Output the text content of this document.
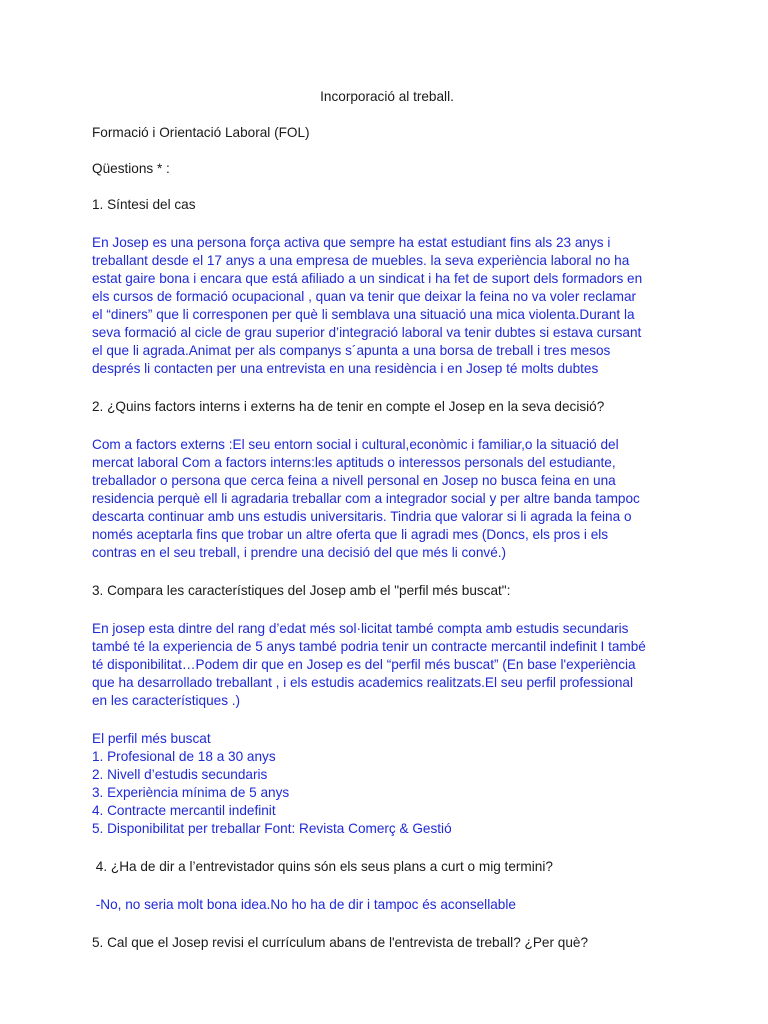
Incorporació al treball.
Formació i Orientació Laboral (FOL)
Qüestions * :
1. Síntesi del cas
En Josep es una persona força activa que sempre ha estat estudiant fins als 23 anys i
treballant desde el 17 anys a una empresa de muebles. la seva experiència laboral no ha
estat gaire bona i encara que está afiliado a un sindicat i ha fet de suport dels formadors en
els cursos de formació ocupacional , quan va tenir que deixar la feina no va voler reclamar
el “diners” que li corresponen per què li semblava una situació una mica violenta.Durant la
seva formació al cicle de grau superior d’integració laboral va tenir dubtes si estava cursant
el que li agrada.Animat per als companys s´apunta a una borsa de treball i tres mesos
després li contacten per una entrevista en una residència i en Josep té molts dubtes
2. ¿Quins factors interns i externs ha de tenir en compte el Josep en la seva decisió?
Com a factors externs :El seu entorn social i cultural,econòmic i familiar,o la situació del
mercat laboral Com a factors interns:les aptituds o interessos personals del estudiante,
treballador o persona que cerca feina a nivell personal en Josep no busca feina en una
residencia perquè ell li agradaria treballar com a integrador social y per altre banda tampoc
descarta continuar amb uns estudis universitaris. Tindria que valorar si li agrada la feina o
només aceptarla fins que trobar un altre oferta que li agradi mes (Doncs, els pros i els
contras en el seu treball, i prendre una decisió del que més li convé.)
3. Compara les característiques del Josep amb el "perfil més buscat":
En josep esta dintre del rang d’edat més sol·licitat també compta amb estudis secundaris
també té la experiencia de 5 anys també podria tenir un contracte mercantil indefinit I també
té disponibilitat…Podem dir que en Josep es del “perfil més buscat” (En base l'experiència
que ha desarrollado treballant , i els estudis academics realitzats.El seu perfil professional
en les característiques .)
El perfil més buscat
1. Profesional de 18 a 30 anys
2. Nivell d’estudis secundaris
3. Experiència mínima de 5 anys
4. Contracte mercantil indefinit
5. Disponibilitat per treballar Font: Revista Comerç & Gestió
4. ¿Ha de dir a l’entrevistador quins són els seus plans a curt o mig termini?
-No, no seria molt bona idea.No ho ha de dir i tampoc és aconsellable
5. Cal que el Josep revisi el currículum abans de l'entrevista de treball? ¿Per què?
